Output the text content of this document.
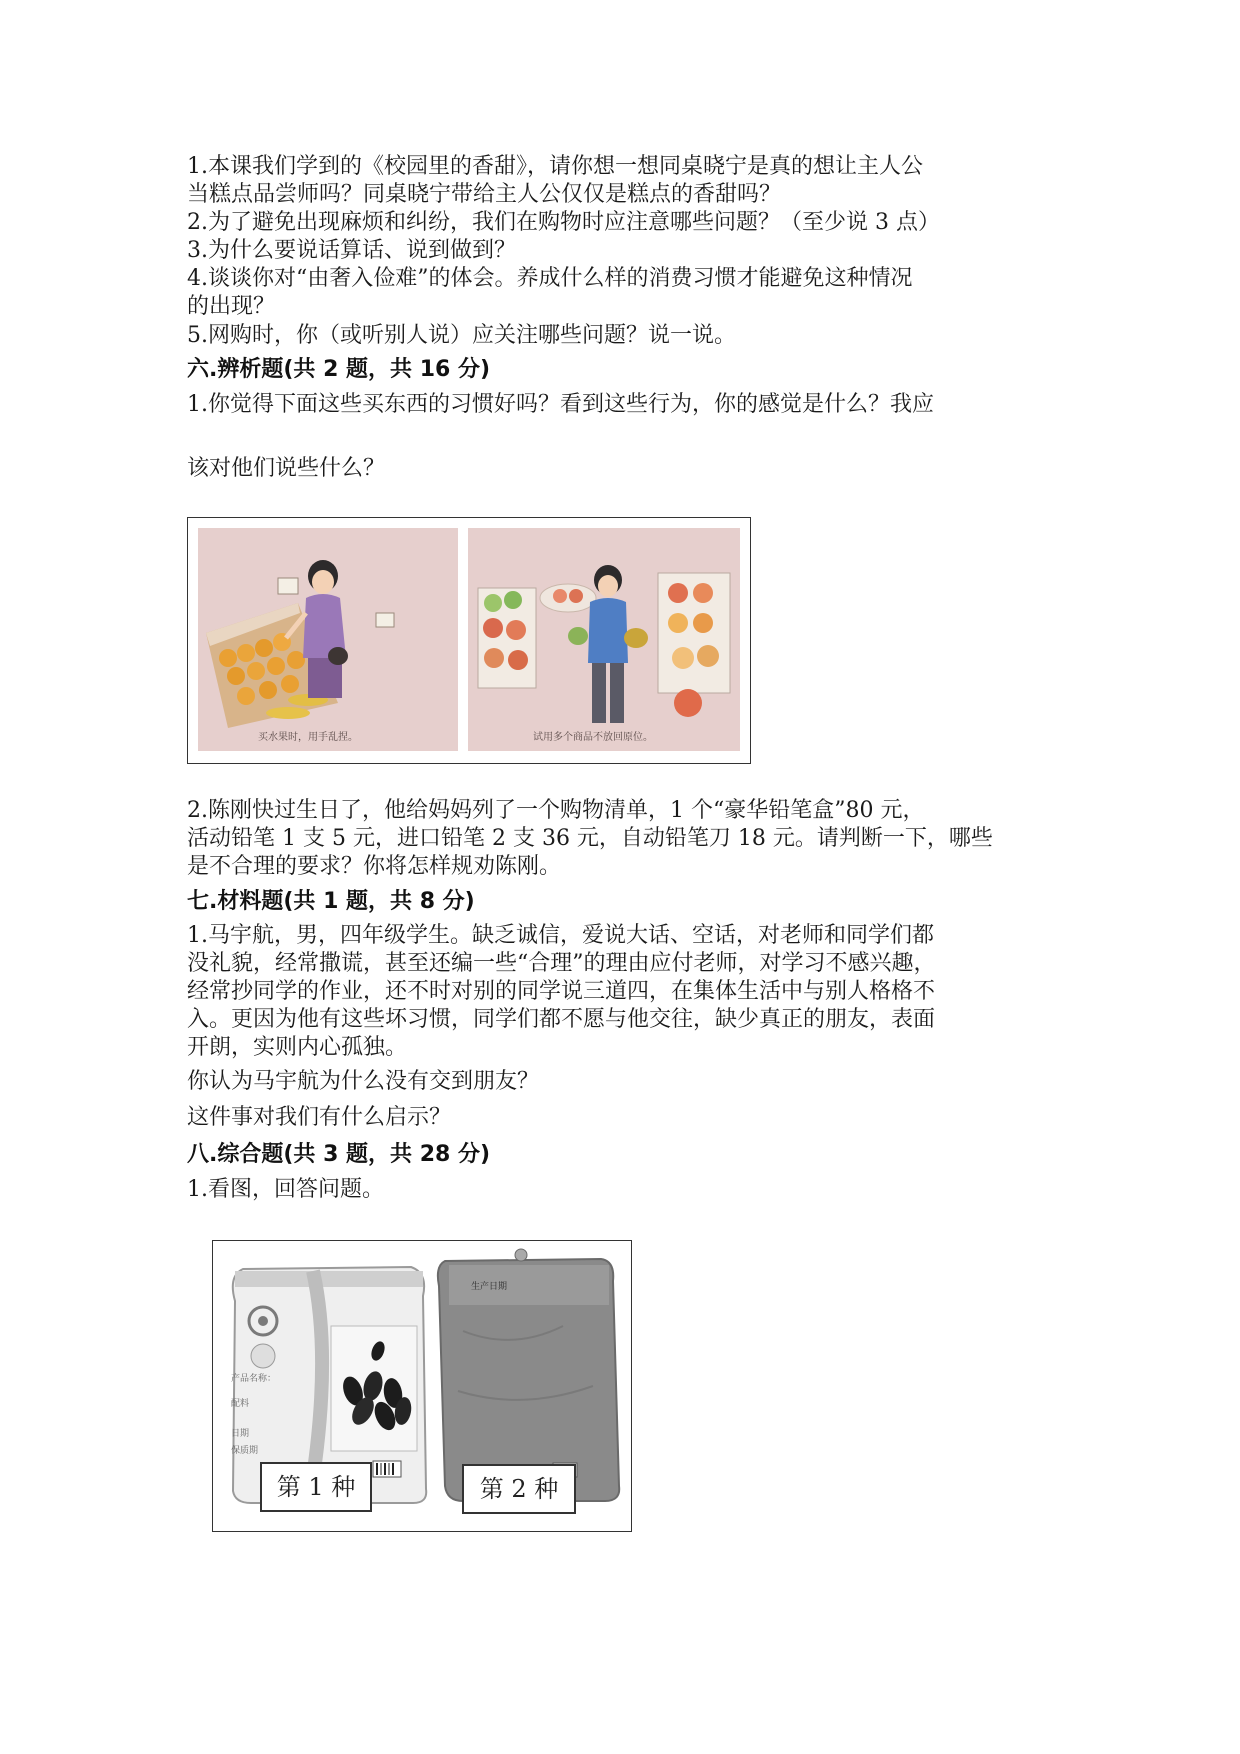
1.本课我们学到的《校园里的香甜》，请你想一想同桌晓宁是真的想让主人公
当糕点品尝师吗？同桌晓宁带给主人公仅仅是糕点的香甜吗？
2.为了避免出现麻烦和纠纷，我们在购物时应注意哪些问题？（至少说 3 点）
3.为什么要说话算话、说到做到？
4.谈谈你对“由奢入俭难”的体会。养成什么样的消费习惯才能避免这种情况
的出现？
5.网购时，你（或听别人说）应关注哪些问题？说一说。
六.辨析题(共 2 题，共 16 分)
1.你觉得下面这些买东西的习惯好吗？看到这些行为，你的感觉是什么？我应
该对他们说些什么？
买水果时，用手乱捏。	试用多个商品不放回原位。
2.陈刚快过生日了，他给妈妈列了一个购物清单，1 个“豪华铅笔盒”80 元，
活动铅笔 1 支 5 元，进口铅笔 2 支 36 元，自动铅笔刀 18 元。请判断一下，哪些
是不合理的要求？你将怎样规劝陈刚。
七.材料题(共 1 题，共 8 分)
1.马宇航，男，四年级学生。缺乏诚信，爱说大话、空话，对老师和同学们都
没礼貌，经常撒谎，甚至还编一些“合理”的理由应付老师，对学习不感兴趣，
经常抄同学的作业，还不时对别的同学说三道四，在集体生活中与别人格格不
入。更因为他有这些坏习惯，同学们都不愿与他交往，缺少真正的朋友，表面
开朗，实则内心孤独。
你认为马宇航为什么没有交到朋友？
这件事对我们有什么启示？
八.综合题(共 3 题，共 28 分)
1.看图，回答问题。
产品名称：
配料
日期
保质期
生产日期
第 1 种	第 2 种
